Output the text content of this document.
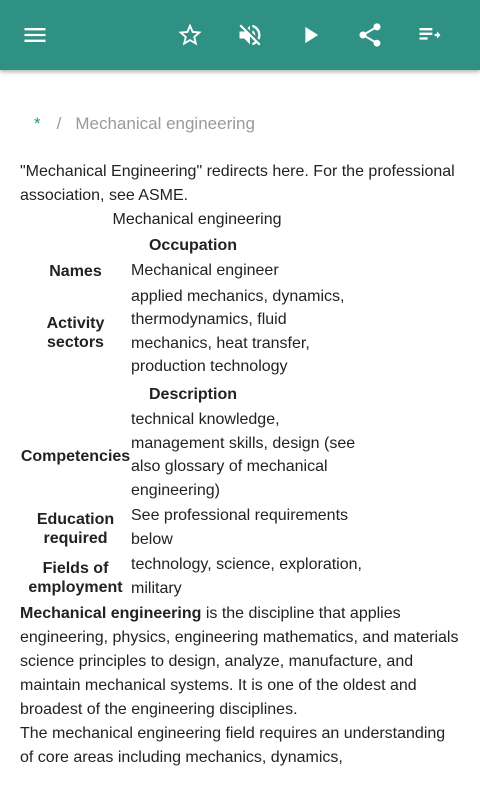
* / Mechanical engineering

"Mechanical Engineering" redirects here. For the professional association, see ASME.

Mechanical engineering	
Occupation	
Names	Mechanical engineer
Activity sectors	applied mechanics, dynamics, thermodynamics, fluid mechanics, heat transfer, production technology
Description	
Competencies	technical knowledge, management skills, design (see also glossary of mechanical engineering)
Education required	See professional requirements below
Fields of employment	technology, science, exploration, military

Mechanical engineering is the discipline that applies engineering, physics, engineering mathematics, and materials science principles to design, analyze, manufacture, and maintain mechanical systems. It is one of the oldest and broadest of the engineering disciplines.

The mechanical engineering field requires an understanding of core areas including mechanics, dynamics,
